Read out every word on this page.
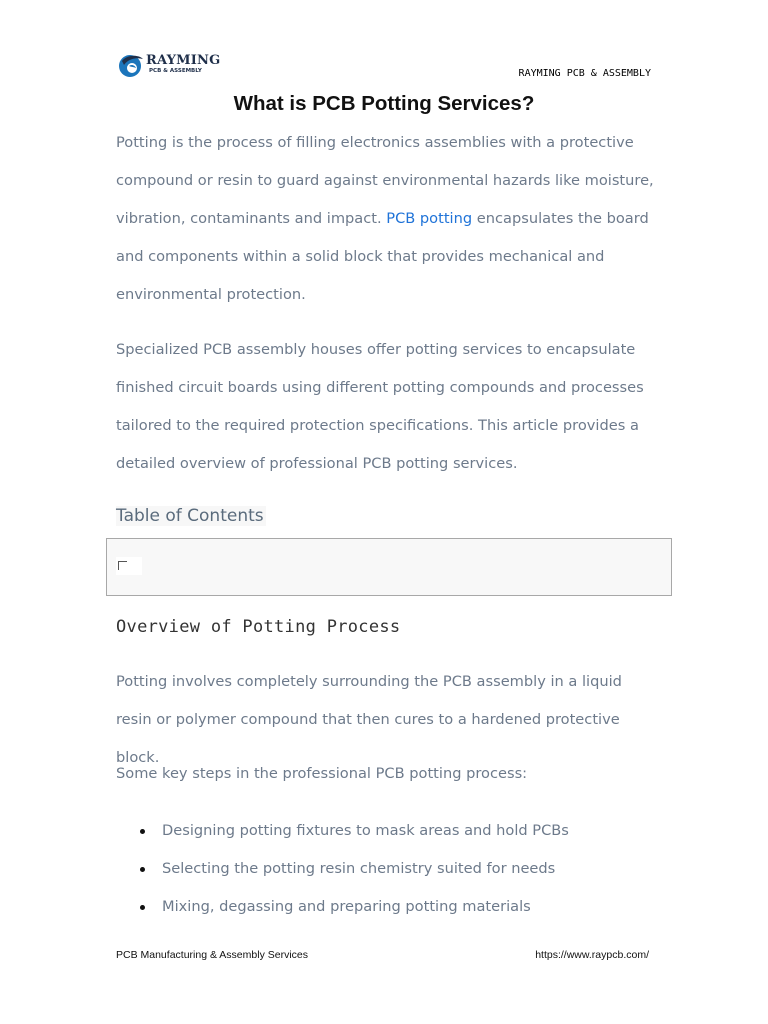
RAYMING
PCB & ASSEMBLY	RAYMING PCB & ASSEMBLY
What is PCB Potting Services?

Potting is the process of filling electronics assemblies with a protective compound or resin to guard against environmental hazards like moisture, vibration, contaminants and impact. PCB potting encapsulates the board and components within a solid block that provides mechanical and environmental protection.

Specialized PCB assembly houses offer potting services to encapsulate finished circuit boards using different potting compounds and processes tailored to the required protection specifications. This article provides a detailed overview of professional PCB potting services.

Table of Contents
Overview of Potting Process

Potting involves completely surrounding the PCB assembly in a liquid resin or polymer compound that then cures to a hardened protective block.

Some key steps in the professional PCB potting process:

Designing potting fixtures to mask areas and hold PCBs
Selecting the potting resin chemistry suited for needs
Mixing, degassing and preparing potting materials
PCB Manufacturing & Assembly Services	https://www.raypcb.com/
